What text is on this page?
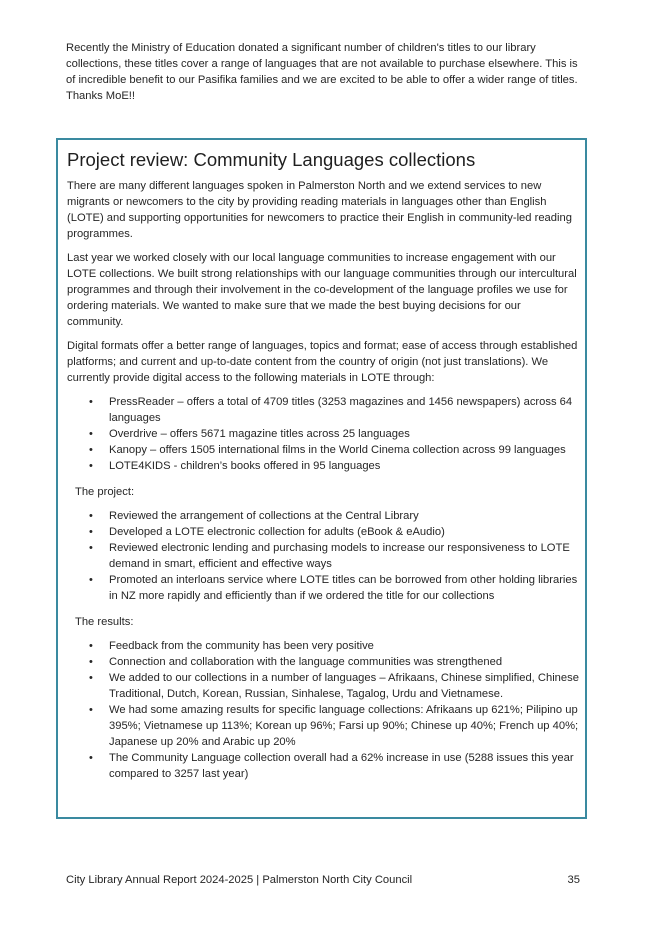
Recently the Ministry of Education donated a significant number of children's titles to our library collections, these titles cover a range of languages that are not available to purchase elsewhere. This is of incredible benefit to our Pasifika families and we are excited to be able to offer a wider range of titles. Thanks MoE!!

Project review: Community Languages collections

There are many different languages spoken in Palmerston North and we extend services to new migrants or newcomers to the city by providing reading materials in languages other than English (LOTE) and supporting opportunities for newcomers to practice their English in community-led reading programmes.

Last year we worked closely with our local language communities to increase engagement with our LOTE collections. We built strong relationships with our language communities through our intercultural programmes and through their involvement in the co-development of the language profiles we use for ordering materials. We wanted to make sure that we made the best buying decisions for our community.

Digital formats offer a better range of languages, topics and format; ease of access through established platforms; and current and up-to-date content from the country of origin (not just translations). We currently provide digital access to the following materials in LOTE through:

• PressReader – offers a total of 4709 titles (3253 magazines and 1456 newspapers) across 64 languages
• Overdrive – offers 5671 magazine titles across 25 languages
• Kanopy – offers 1505 international films in the World Cinema collection across 99 languages
• LOTE4KIDS - children’s books offered in 95 languages

The project:

• Reviewed the arrangement of collections at the Central Library
• Developed a LOTE electronic collection for adults (eBook & eAudio)
• Reviewed electronic lending and purchasing models to increase our responsiveness to LOTE demand in smart, efficient and effective ways
• Promoted an interloans service where LOTE titles can be borrowed from other holding libraries in NZ more rapidly and efficiently than if we ordered the title for our collections

The results:

• Feedback from the community has been very positive
• Connection and collaboration with the language communities was strengthened
• We added to our collections in a number of languages – Afrikaans, Chinese simplified, Chinese Traditional, Dutch, Korean, Russian, Sinhalese, Tagalog, Urdu and Vietnamese.
• We had some amazing results for specific language collections: Afrikaans up 621%; Pilipino up 395%; Vietnamese up 113%; Korean up 96%; Farsi up 90%; Chinese up 40%; French up 40%; Japanese up 20% and Arabic up 20%
• The Community Language collection overall had a 62% increase in use (5288 issues this year compared to 3257 last year)
City Library Annual Report 2024-2025 | Palmerston North City Council	35
